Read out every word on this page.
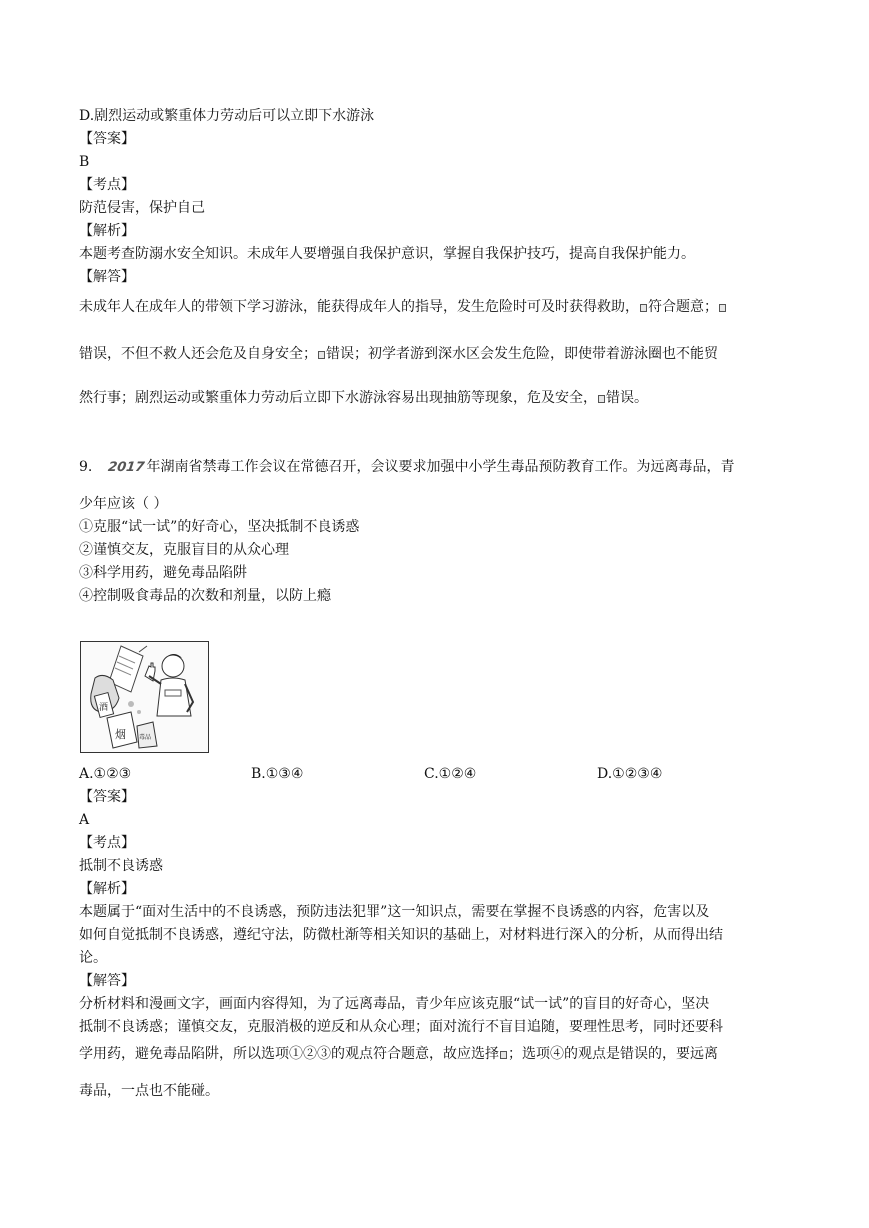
D.剧烈运动或繁重体力劳动后可以立即下水游泳
【答案】
B
【考点】
防范侵害，保护自己
【解析】
本题考查防溺水安全知识。未成年人要增强自我保护意识，掌握自我保护技巧，提高自我保护能力。
【解答】
未成年人在成年人的带领下学习游泳，能获得成年人的指导，发生危险时可及时获得救助， 符合题意；
错误，不但不救人还会危及自身安全； 错误；初学者游到深水区会发生危险，即使带着游泳圈也不能贸
然行事；剧烈运动或繁重体力劳动后立即下水游泳容易出现抽筋等现象，危及安全， 错误。
9. 2017年湖南省禁毒工作会议在常德召开，会议要求加强中小学生毒品预防教育工作。为远离毒品，青
少年应该（ ）
①克服“试一试”的好奇心，坚决抵制不良诱惑
②谨慎交友，克服盲目的从众心理
③科学用药，避免毒品陷阱
④控制吸食毒品的次数和剂量，以防上瘾
酒
烟 毒品
A.①②③	B.①③④	C.①②④	D.①②③④
【答案】
A
【考点】
抵制不良诱惑
【解析】
本题属于“面对生活中的不良诱惑，预防违法犯罪”这一知识点，需要在掌握不良诱惑的内容，危害以及
如何自觉抵制不良诱惑，遵纪守法，防微杜渐等相关知识的基础上，对材料进行深入的分析，从而得出结
论。
【解答】
分析材料和漫画文字，画面内容得知，为了远离毒品，青少年应该克服“试一试”的盲目的好奇心，坚决
抵制不良诱惑；谨慎交友，克服消极的逆反和从众心理；面对流行不盲目追随，要理性思考，同时还要科
学用药，避免毒品陷阱，所以选项①②③的观点符合题意，故应选择 ；选项④的观点是错误的，要远离
毒品，一点也不能碰。
